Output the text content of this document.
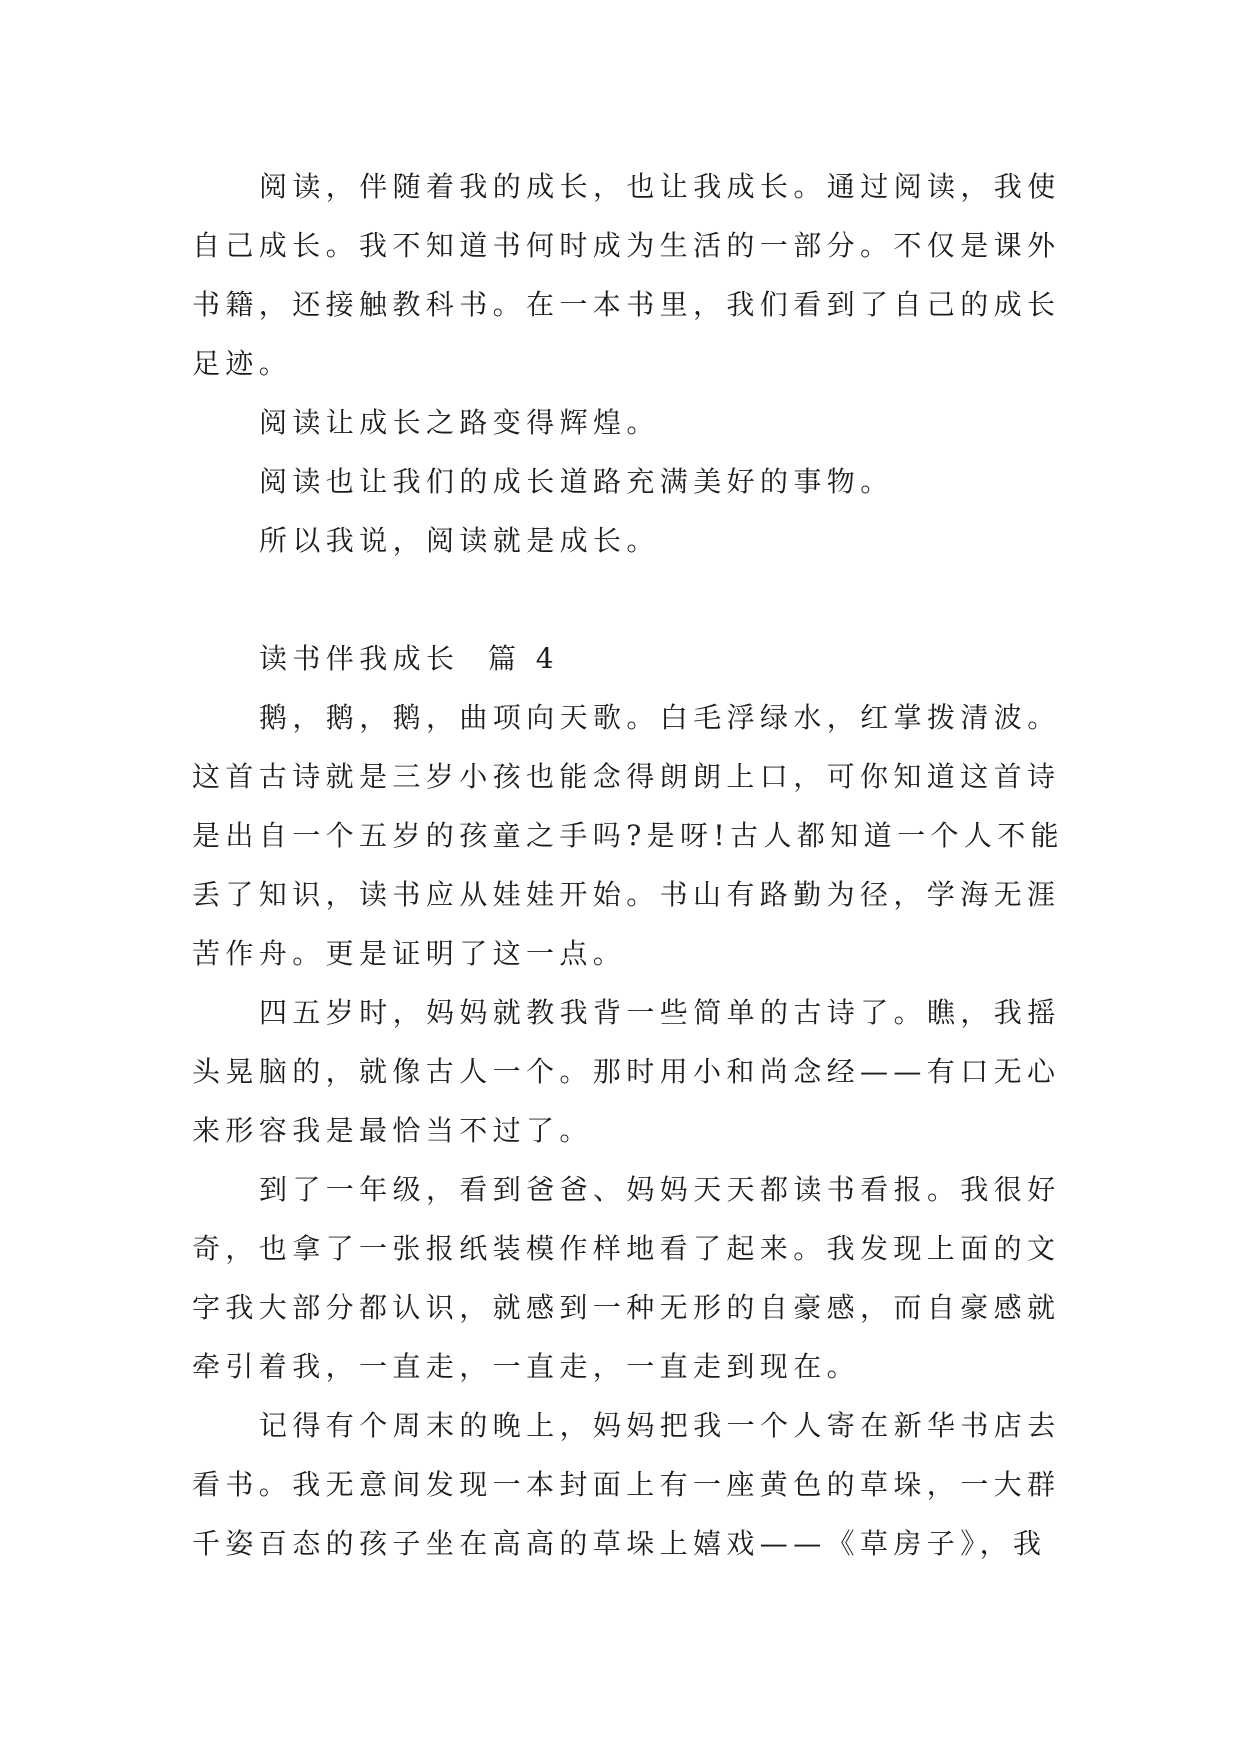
阅读，伴随着我的成长，也让我成长。通过阅读，我使
自己成长。我不知道书何时成为生活的一部分。不仅是课外
书籍，还接触教科书。在一本书里，我们看到了自己的成长
足迹。
阅读让成长之路变得辉煌。
阅读也让我们的成长道路充满美好的事物。
所以我说，阅读就是成长。
读书伴我成长  篇 4
鹅，鹅，鹅，曲项向天歌。白毛浮绿水，红掌拨清波。
这首古诗就是三岁小孩也能念得朗朗上口，可你知道这首诗
是出自一个五岁的孩童之手吗?是呀!古人都知道一个人不能
丢了知识，读书应从娃娃开始。书山有路勤为径，学海无涯
苦作舟。更是证明了这一点。
四五岁时，妈妈就教我背一些简单的古诗了。瞧，我摇
头晃脑的，就像古人一个。那时用小和尚念经——有口无心
来形容我是最恰当不过了。
到了一年级，看到爸爸、妈妈天天都读书看报。我很好
奇，也拿了一张报纸装模作样地看了起来。我发现上面的文
字我大部分都认识，就感到一种无形的自豪感，而自豪感就
牵引着我，一直走，一直走，一直走到现在。
记得有个周末的晚上，妈妈把我一个人寄在新华书店去
看书。我无意间发现一本封面上有一座黄色的草垛，一大群
千姿百态的孩子坐在高高的草垛上嬉戏——《草房子》，我
